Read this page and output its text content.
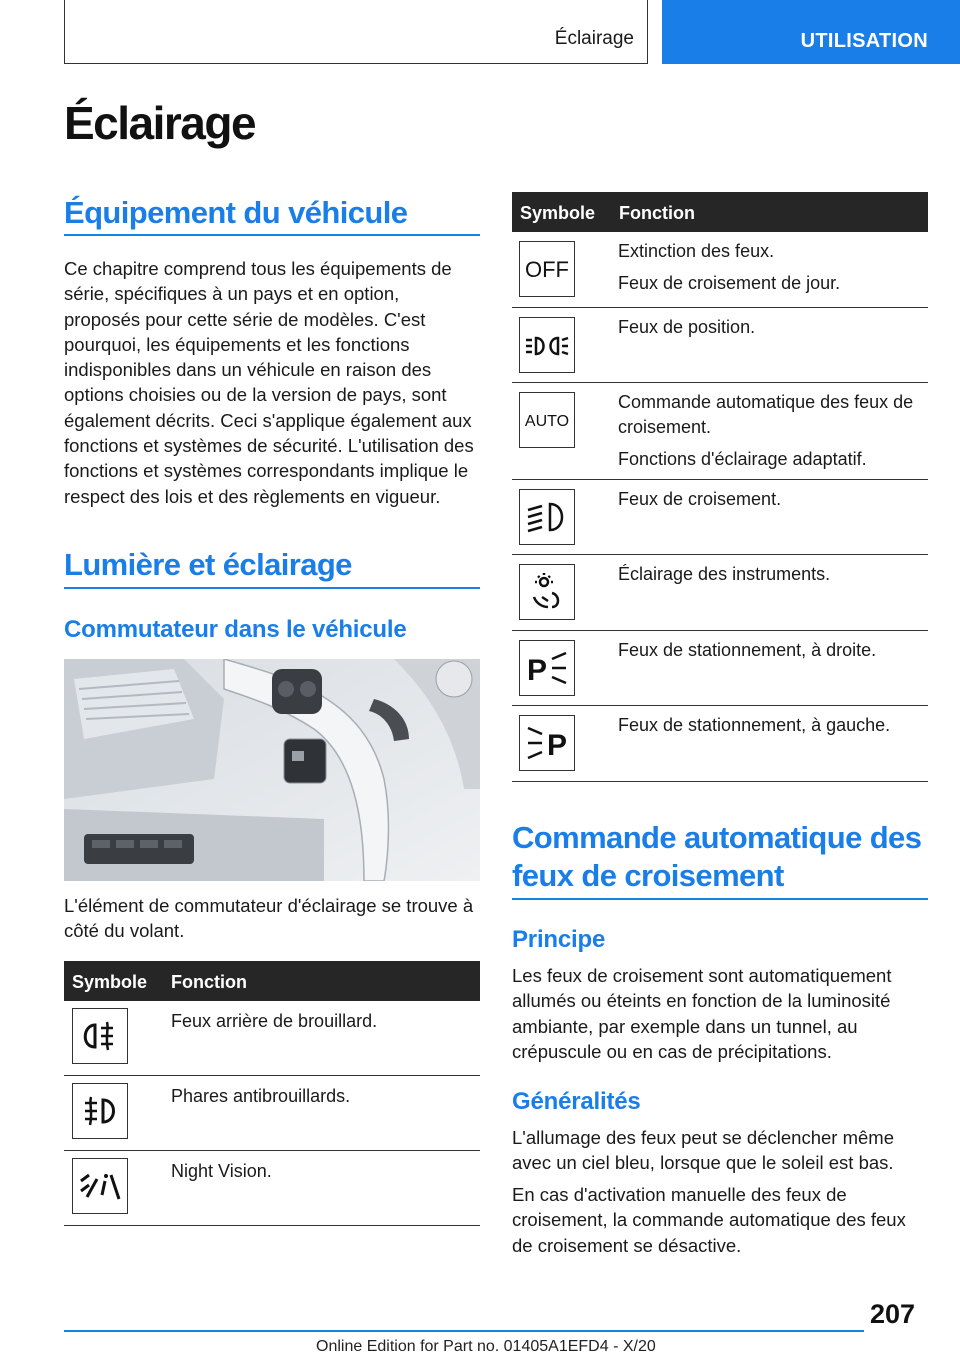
Éclairage	UTILISATION
Éclairage
Équipement du véhicule

Ce chapitre comprend tous les équipements de série, spécifiques à un pays et en option, proposés pour cette série de modèles. C'est pourquoi, les équipements et les fonctions indisponibles dans un véhicule en raison des options choisies ou de la version de pays, sont également décrits. Ceci s'applique également aux fonctions et systèmes de sécurité. L'utilisation des fonctions et systèmes correspondants implique le respect des lois et des règlements en vigueur.

Lumière et éclairage
Commutateur dans le véhicule

L'élément de commutateur d'éclairage se trouve à côté du volant.

Symbole Fonction

Feux arrière de brouillard.

Phares antibrouillards.

Night Vision.

Symbole Fonction
OFF

Extinction des feux.

Feux de croisement de jour.

Feux de position.

AUTO

Commande automatique des feux de croisement.

Fonctions d'éclairage adaptatif.

Feux de croisement.

Éclairage des instruments.

P

Feux de stationnement, à droite.

P

Feux de stationnement, à gauche.

Commande automatique des feux de croisement
Principe

Les feux de croisement sont automatiquement allumés ou éteints en fonction de la luminosité ambiante, par exemple dans un tunnel, au crépuscule ou en cas de précipitations.

Généralités

L'allumage des feux peut se déclencher même avec un ciel bleu, lorsque que le soleil est bas.

En cas d'activation manuelle des feux de croisement, la commande automatique des feux de croisement se désactive.

207
Online Edition for Part no. 01405A1EFD4 - X/20
